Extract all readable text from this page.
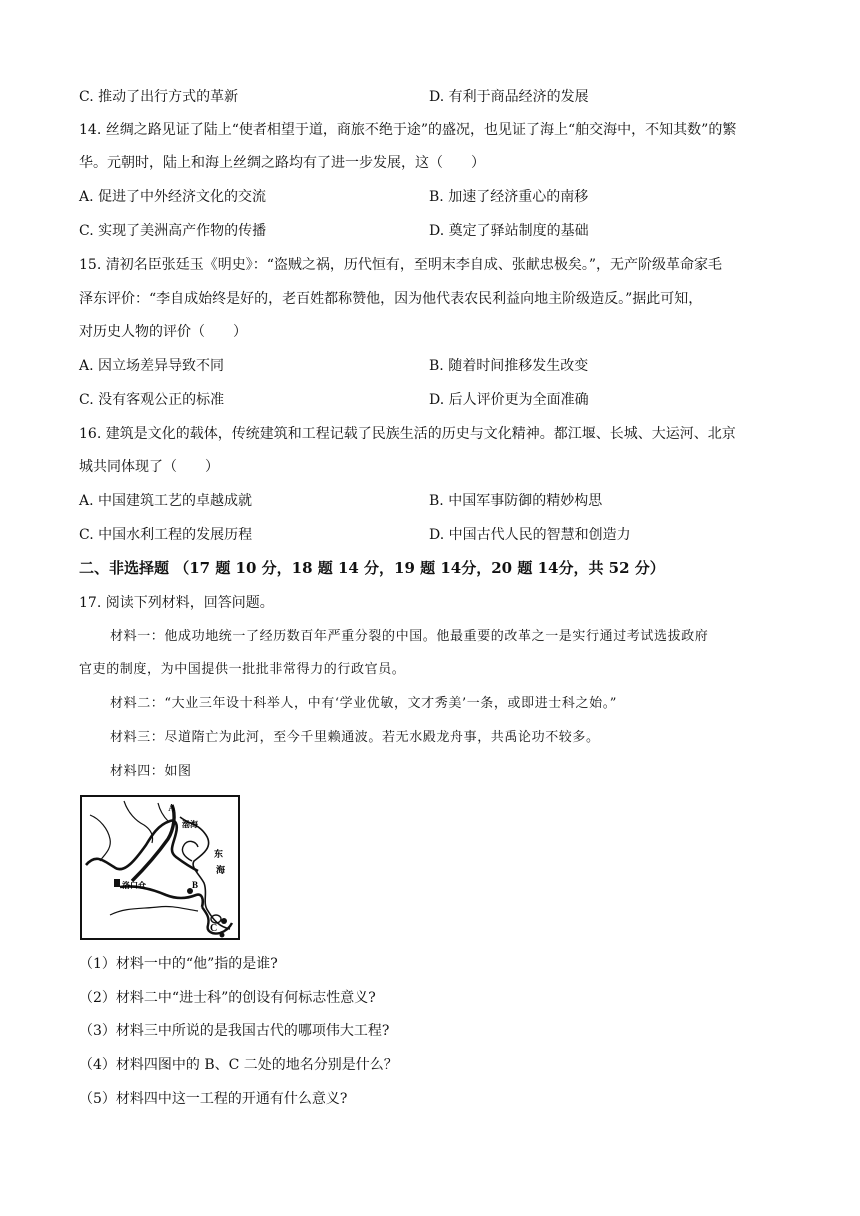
C. 推动了出行方式的革新	D. 有利于商品经济的发展
14. 丝绸之路见证了陆上“使者相望于道，商旅不绝于途”的盛况，也见证了海上“舶交海中，不知其数”的繁
华。元朝时，陆上和海上丝绸之路均有了进一步发展，这（　　）
A. 促进了中外经济文化的交流	B. 加速了经济重心的南移
C. 实现了美洲高产作物的传播	D. 奠定了驿站制度的基础
15. 清初名臣张廷玉《明史》：“盗贼之祸，历代恒有，至明末李自成、张献忠极矣。”，无产阶级革命家毛
泽东评价：“李自成始终是好的，老百姓都称赞他，因为他代表农民利益向地主阶级造反。”据此可知，
对历史人物的评价（　　）
A. 因立场差异导致不同	B. 随着时间推移发生改变
C. 没有客观公正的标准	D. 后人评价更为全面准确
16. 建筑是文化的载体，传统建筑和工程记载了民族生活的历史与文化精神。都江堰、长城、大运河、北京
城共同体现了（　　）
A. 中国建筑工艺的卓越成就	B. 中国军事防御的精妙构思
C. 中国水利工程的发展历程	D. 中国古代人民的智慧和创造力
二、非选择题 （17 题 10 分，18 题 14 分，19 题 14分，20 题 14分，共 52 分）
17. 阅读下列材料，回答问题。
材料一：他成功地统一了经历数百年严重分裂的中国。他最重要的改革之一是实行通过考试选拔政府
官吏的制度，为中国提供一批批非常得力的行政官员。
材料二：“大业三年设十科举人，中有‘学业优敏，文才秀美’一条，或即进士科之始。”
材料三：尽道隋亡为此河，至今千里赖通波。若无水殿龙舟事，共禹论功不较多。
材料四：如图
A
渤海
东
海
洛口仓	B
C
（1）材料一中的“他”指的是谁?
（2）材料二中“进士科”的创设有何标志性意义?
（3）材料三中所说的是我国古代的哪项伟大工程?
（4）材料四图中的 B、C 二处的地名分别是什么？
（5）材料四中这一工程的开通有什么意义?
